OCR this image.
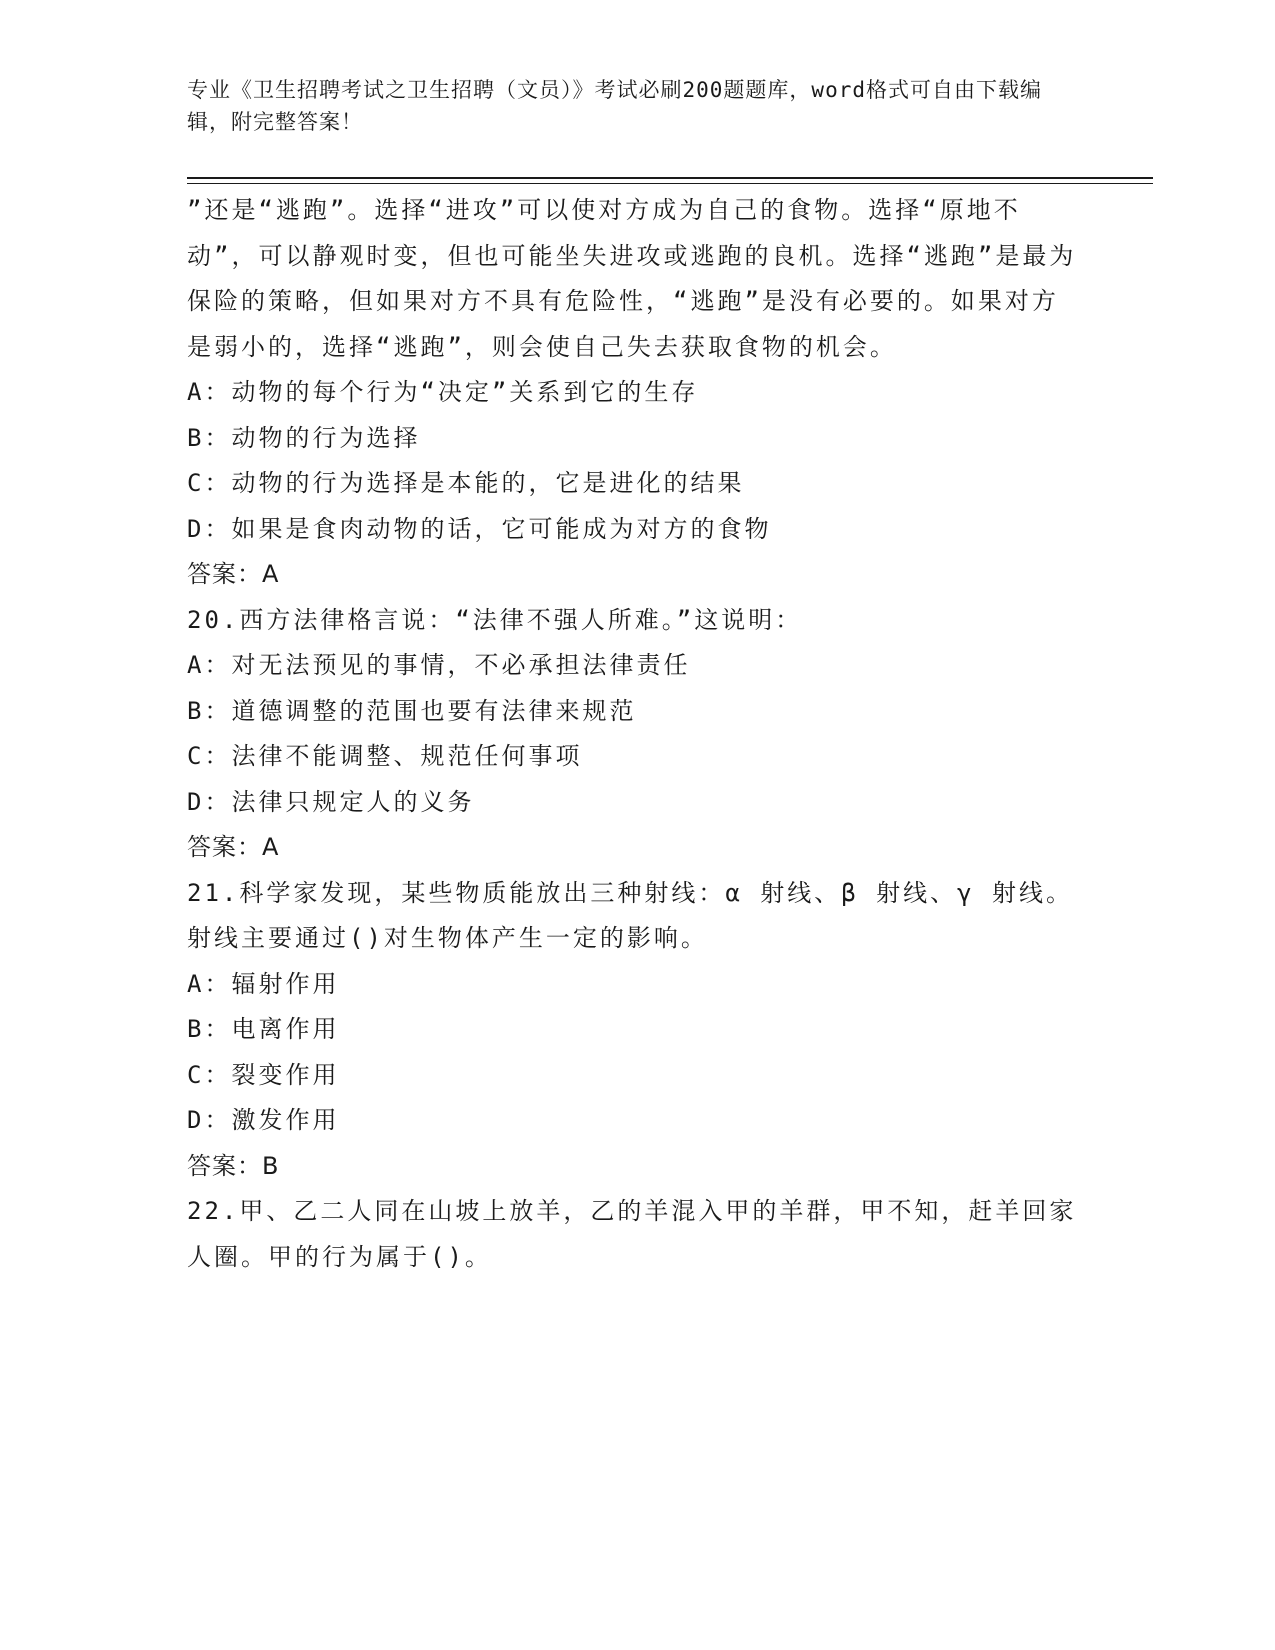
专业《卫生招聘考试之卫生招聘（文员）》考试必刷200题题库，word格式可自由下载编辑，附完整答案！

”还是“逃跑”。选择“进攻”可以使对方成为自己的食物。选择“原地不动”，可以静观时变，但也可能坐失进攻或逃跑的良机。选择“逃跑”是最为保险的策略，但如果对方不具有危险性，“逃跑”是没有必要的。如果对方是弱小的，选择“逃跑”，则会使自己失去获取食物的机会。

A：动物的每个行为“决定”关系到它的生存

B：动物的行为选择

C：动物的行为选择是本能的，它是进化的结果

D：如果是食肉动物的话，它可能成为对方的食物

答案：A

20.西方法律格言说：“法律不强人所难。”这说明：

A：对无法预见的事情，不必承担法律责任

B：道德调整的范围也要有法律来规范

C：法律不能调整、规范任何事项

D：法律只规定人的义务

答案：A

21.科学家发现，某些物质能放出三种射线：α 射线、β 射线、γ 射线。射线主要通过()对生物体产生一定的影响。

A：辐射作用

B：电离作用

C：裂变作用

D：激发作用

答案：B

22.甲、乙二人同在山坡上放羊，乙的羊混入甲的羊群，甲不知，赶羊回家人圈。甲的行为属于()。
